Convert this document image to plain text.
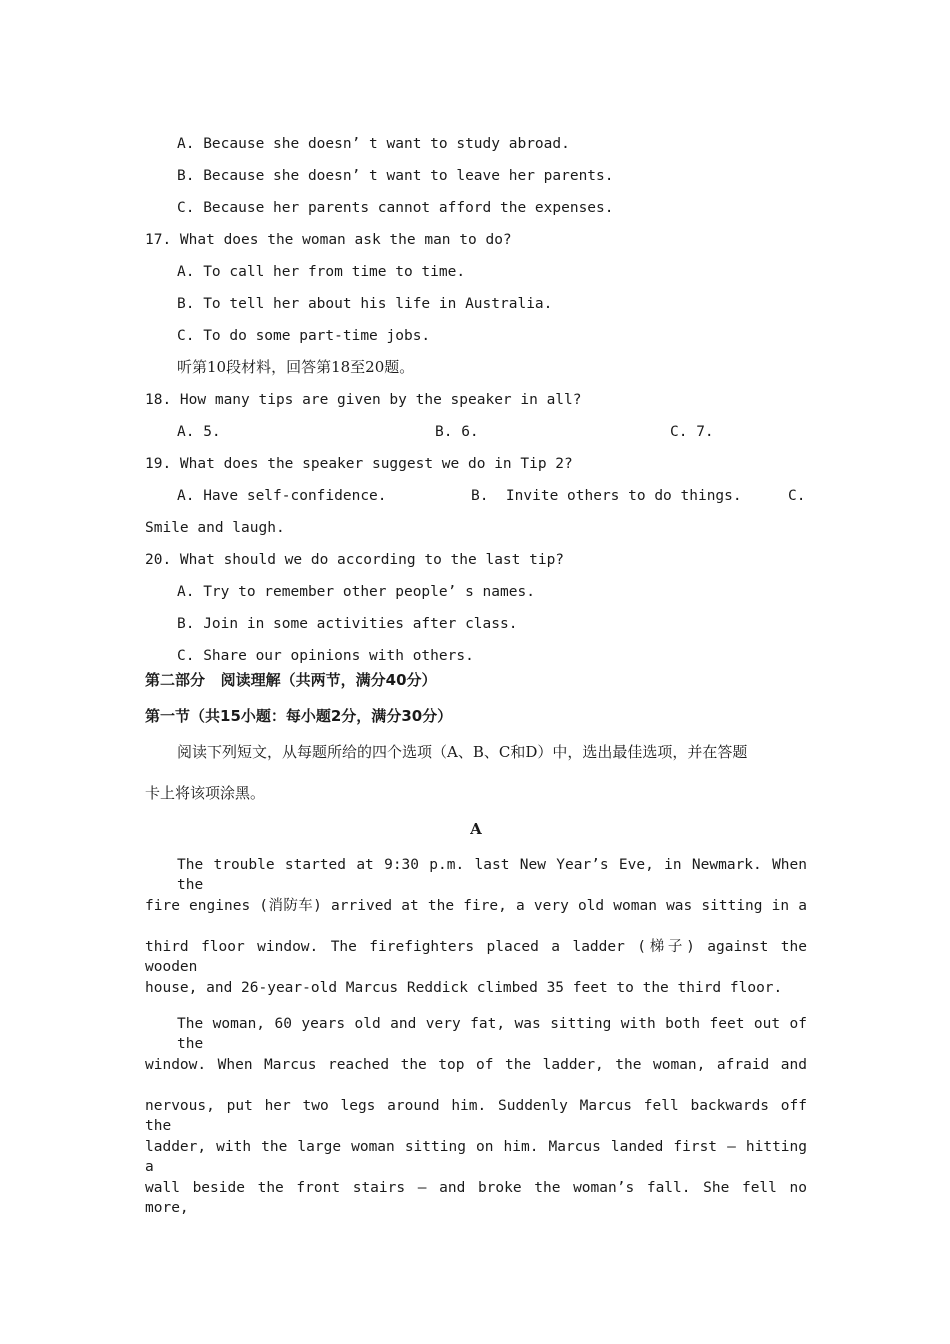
A. Because she doesn’ t want to study abroad.
B. Because she doesn’ t want to leave her parents.
C. Because her parents cannot afford the expenses.
17. What does the woman ask the man to do?
A. To call her from time to time.
B. To tell her about his life in Australia.
C. To do some part-time jobs.
听第10段材料，回答第18至20题。
18. How many tips are given by the speaker in all?
A. 5.	B. 6.	C. 7.
19. What does the speaker suggest we do in Tip 2?
A. Have self-confidence.	B.  Invite others to do things.	C.
Smile and laugh.
20. What should we do according to the last tip?
A. Try to remember other people’ s names.
B. Join in some activities after class.
C. Share our opinions with others.
第二部分   阅读理解（共两节，满分40分）
第一节（共15小题：每小题2分，满分30分）
阅读下列短文，从每题所给的四个选项（A、B、C和D）中，选出最佳选项，并在答题
卡上将该项涂黑。
A
The trouble started at 9:30 p.m. last New Year’s Eve, in Newmark. When the
fire engines (消防车) arrived at the fire, a very old woman was sitting in a
third floor window. The firefighters placed a ladder (梯子) against the wooden
house, and 26-year-old Marcus Reddick climbed 35 feet to the third floor.
The woman, 60 years old and very fat, was sitting with both feet out of the
window. When Marcus reached the top of the ladder, the woman, afraid and
nervous, put her two legs around him. Suddenly Marcus fell backwards off the
ladder, with the large woman sitting on him. Marcus landed first — hitting a
wall beside the front stairs — and broke the woman’s fall. She fell no more,
